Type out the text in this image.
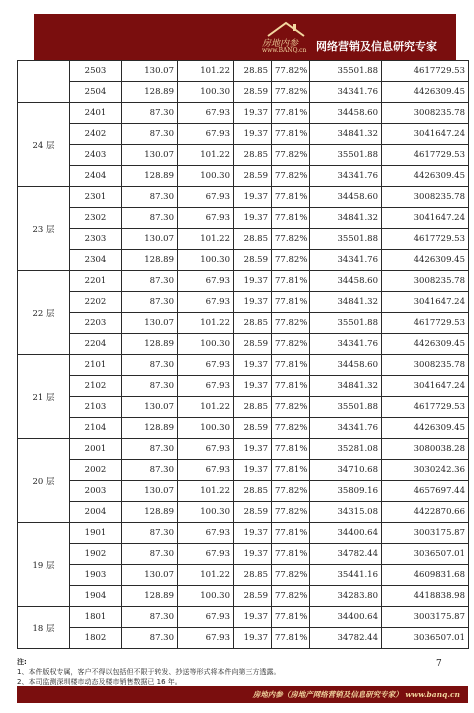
房地内参
www.BANQ.cn 网络营销及信息研究专家
	2503	130.07	101.22	28.85	77.82%	35501.88	4617729.53
	2504	128.89	100.30	28.59	77.82%	34341.76	4426309.45
24 层	2401	87.30	67.93	19.37	77.81%	34458.60	3008235.78
	2402	87.30	67.93	19.37	77.81%	34841.32	3041647.24
	2403	130.07	101.22	28.85	77.82%	35501.88	4617729.53
	2404	128.89	100.30	28.59	77.82%	34341.76	4426309.45
23 层	2301	87.30	67.93	19.37	77.81%	34458.60	3008235.78
	2302	87.30	67.93	19.37	77.81%	34841.32	3041647.24
	2303	130.07	101.22	28.85	77.82%	35501.88	4617729.53
	2304	128.89	100.30	28.59	77.82%	34341.76	4426309.45
22 层	2201	87.30	67.93	19.37	77.81%	34458.60	3008235.78
	2202	87.30	67.93	19.37	77.81%	34841.32	3041647.24
	2203	130.07	101.22	28.85	77.82%	35501.88	4617729.53
	2204	128.89	100.30	28.59	77.82%	34341.76	4426309.45
21 层	2101	87.30	67.93	19.37	77.81%	34458.60	3008235.78
	2102	87.30	67.93	19.37	77.81%	34841.32	3041647.24
	2103	130.07	101.22	28.85	77.82%	35501.88	4617729.53
	2104	128.89	100.30	28.59	77.82%	34341.76	4426309.45
20 层	2001	87.30	67.93	19.37	77.81%	35281.08	3080038.28
	2002	87.30	67.93	19.37	77.81%	34710.68	3030242.36
	2003	130.07	101.22	28.85	77.82%	35809.16	4657697.44
	2004	128.89	100.30	28.59	77.82%	34315.08	4422870.66
19 层	1901	87.30	67.93	19.37	77.81%	34400.64	3003175.87
	1902	87.30	67.93	19.37	77.81%	34782.44	3036507.01
	1903	130.07	101.22	28.85	77.82%	35441.16	4609831.68
	1904	128.89	100.30	28.59	77.82%	34283.80	4418838.98
18 层	1801	87.30	67.93	19.37	77.81%	34400.64	3003175.87
	1802	87.30	67.93	19.37	77.81%	34782.44	3036507.01
注:
1、本件版权专属，客户不得以包括但不限于转发、抄送等形式将本件向第三方透露。
2、本司监测深圳楼市动态及楼市销售数据已 16 年。
7
房地内参（房地产网络营销及信息研究专家） www.banq.cn
